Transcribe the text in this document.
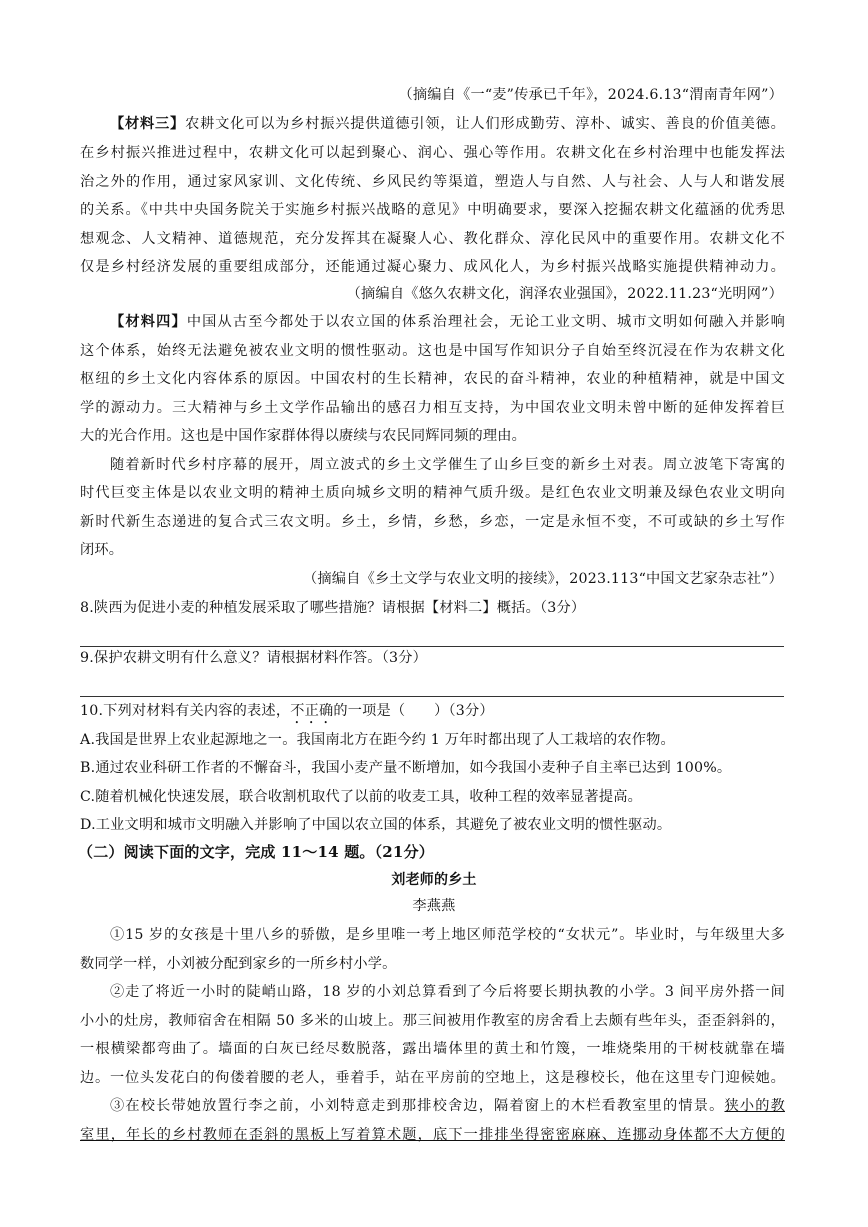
（摘编自《一“麦”传承已千年》，2024.6.13“渭南青年网”）
【材料三】农耕文化可以为乡村振兴提供道德引领，让人们形成勤劳、淳朴、诚实、善良的价值美德。
在乡村振兴推进过程中，农耕文化可以起到聚心、润心、强心等作用。农耕文化在乡村治理中也能发挥法
治之外的作用，通过家风家训、文化传统、乡风民约等渠道，塑造人与自然、人与社会、人与人和谐发展
的关系。《中共中央国务院关于实施乡村振兴战略的意见》中明确要求，要深入挖掘农耕文化蕴涵的优秀思
想观念、人文精神、道德规范，充分发挥其在凝聚人心、教化群众、淳化民风中的重要作用。农耕文化不
仅是乡村经济发展的重要组成部分，还能通过凝心聚力、成风化人，为乡村振兴战略实施提供精神动力。
（摘编自《悠久农耕文化，润泽农业强国》，2022.11.23“光明网”）
【材料四】中国从古至今都处于以农立国的体系治理社会，无论工业文明、城市文明如何融入并影响
这个体系，始终无法避免被农业文明的惯性驱动。这也是中国写作知识分子自始至终沉浸在作为农耕文化
枢纽的乡土文化内容体系的原因。中国农村的生长精神，农民的奋斗精神，农业的种植精神，就是中国文
学的源动力。三大精神与乡土文学作品输出的感召力相互支持，为中国农业文明未曾中断的延伸发挥着巨
大的光合作用。这也是中国作家群体得以赓续与农民同辉同频的理由。
随着新时代乡村序幕的展开，周立波式的乡土文学催生了山乡巨变的新乡土对表。周立波笔下寄寓的
时代巨变主体是以农业文明的精神土质向城乡文明的精神气质升级。是红色农业文明兼及绿色农业文明向
新时代新生态递进的复合式三农文明。乡土，乡情，乡愁，乡恋，一定是永恒不变，不可或缺的乡土写作
闭环。
（摘编自《乡土文学与农业文明的接续》，2023.113“中国文艺家杂志社”）
8.陕西为促进小麦的种植发展采取了哪些措施？请根据【材料二】概括。（3分）
9.保护农耕文明有什么意义？请根据材料作答。（3分）
10.下列对材料有关内容的表述，不正确的一项是（　　）（3分）
A.我国是世界上农业起源地之一。我国南北方在距今约 1 万年时都出现了人工栽培的农作物。
B.通过农业科研工作者的不懈奋斗，我国小麦产量不断增加，如今我国小麦种子自主率已达到 100%。
C.随着机械化快速发展，联合收割机取代了以前的收麦工具，收种工程的效率显著提高。
D.工业文明和城市文明融入并影响了中国以农立国的体系，其避免了被农业文明的惯性驱动。
（二）阅读下面的文字，完成 11～14 题。（21分）
刘老师的乡土
李燕燕
①15 岁的女孩是十里八乡的骄傲，是乡里唯一考上地区师范学校的“女状元”。毕业时，与年级里大多
数同学一样，小刘被分配到家乡的一所乡村小学。
②走了将近一小时的陡峭山路，18 岁的小刘总算看到了今后将要长期执教的小学。3 间平房外搭一间
小小的灶房，教师宿舍在相隔 50 多米的山坡上。那三间被用作教室的房舍看上去颇有些年头，歪歪斜斜的，
一根横梁都弯曲了。墙面的白灰已经尽数脱落，露出墙体里的黄土和竹篾，一堆烧柴用的干树枝就靠在墙
边。一位头发花白的佝偻着腰的老人，垂着手，站在平房前的空地上，这是穆校长，他在这里专门迎候她。
③在校长带她放置行李之前，小刘特意走到那排校舍边，隔着窗上的木栏看教室里的情景。狭小的教
室里，年长的乡村教师在歪斜的黑板上写着算术题，底下一排排坐得密密麻麻、连挪动身体都不大方便的
